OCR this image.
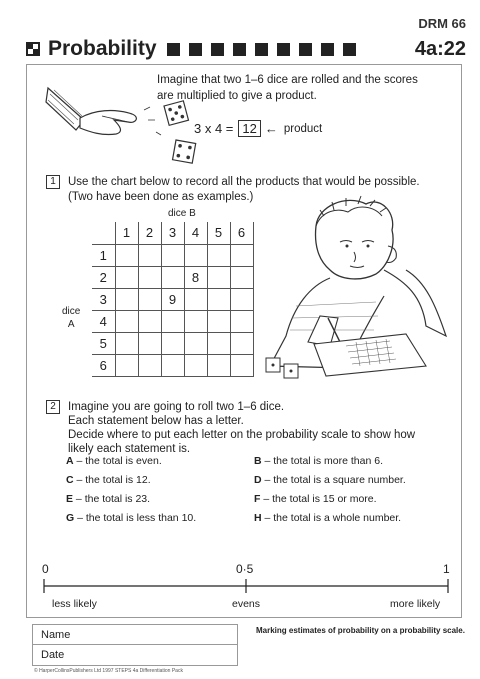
DRM 66
Probability	4a:22
Imagine that two 1–6 dice are rolled and the scores
are multiplied to give a product.
3 x 4 = 12 ← product
1	Use the chart below to record all the products that would be possible.
(Two have been done as examples.)
dice B
dice
A
	1	2	3	4	5	6
1						
2				8		
3			9			
4						
5						
6						
2	Imagine you are going to roll two 1–6 dice.
Each statement below has a letter.
Decide where to put each letter on the probability scale to show how
likely each statement is.
A – the total is even.	B – the total is more than 6.
C – the total is 12.	D – the total is a square number.
E – the total is 23.	F – the total is 15 or more.
G – the total is less than 10.	H – the total is a whole number.
0	0·5	1
less likely	evens	more likely
Name
Date
Marking estimates of probability on a probability scale.
© HarperCollinsPublishers Ltd 1997 STEPS 4a Differentiation Pack
